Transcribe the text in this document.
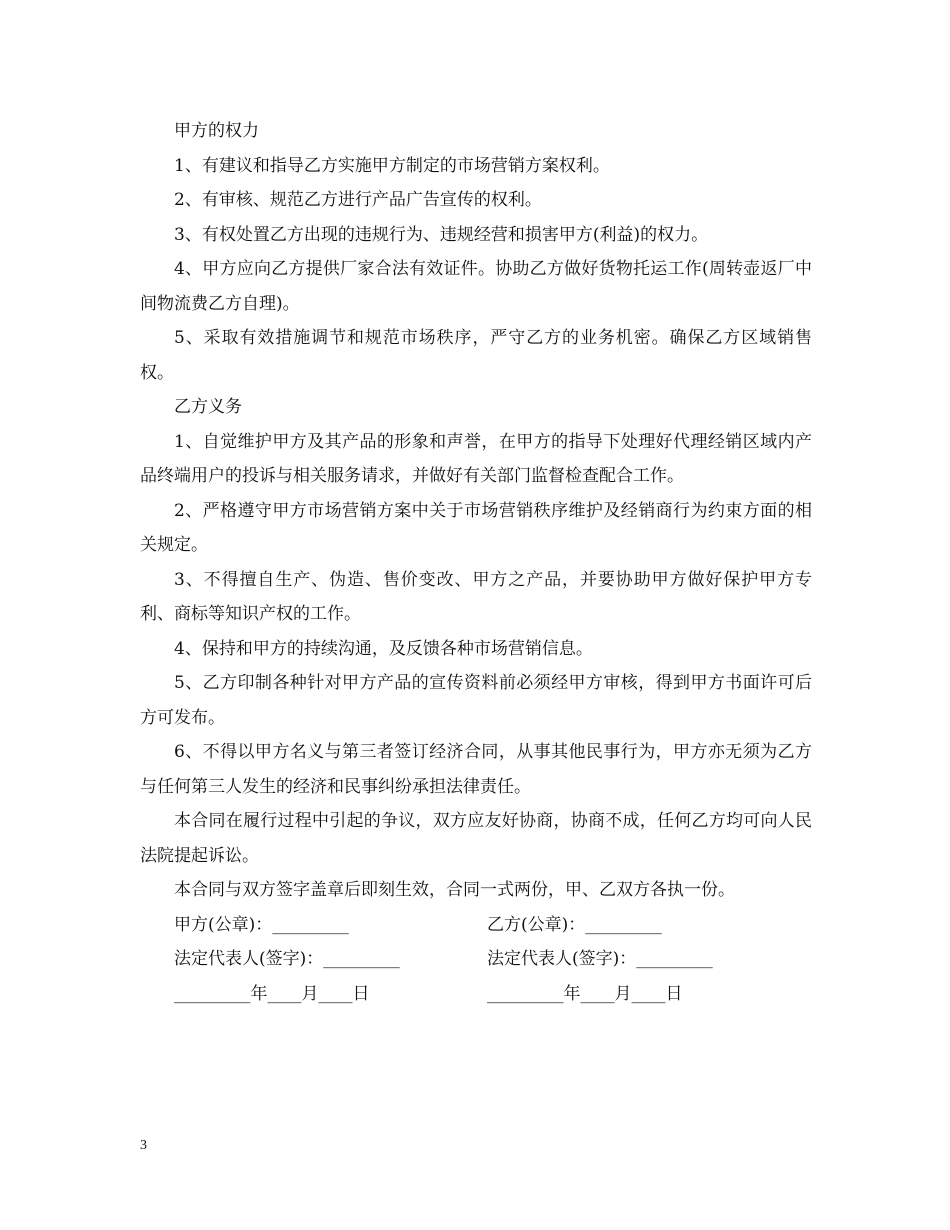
甲方的权力

1、有建议和指导乙方实施甲方制定的市场营销方案权利。

2、有审核、规范乙方进行产品广告宣传的权利。

3、有权处置乙方出现的违规行为、违规经营和损害甲方(利益)的权力。

4、甲方应向乙方提供厂家合法有效证件。协助乙方做好货物托运工作(周转壶返厂中间物流费乙方自理)。

5、采取有效措施调节和规范市场秩序，严守乙方的业务机密。确保乙方区域销售权。

乙方义务

1、自觉维护甲方及其产品的形象和声誉，在甲方的指导下处理好代理经销区域内产品终端用户的投诉与相关服务请求，并做好有关部门监督检查配合工作。

2、严格遵守甲方市场营销方案中关于市场营销秩序维护及经销商行为约束方面的相关规定。

3、不得擅自生产、伪造、售价变改、甲方之产品，并要协助甲方做好保护甲方专利、商标等知识产权的工作。

4、保持和甲方的持续沟通，及反馈各种市场营销信息。

5、乙方印制各种针对甲方产品的宣传资料前必须经甲方审核，得到甲方书面许可后方可发布。

6、不得以甲方名义与第三者签订经济合同，从事其他民事行为，甲方亦无须为乙方与任何第三人发生的经济和民事纠纷承担法律责任。

本合同在履行过程中引起的争议，双方应友好协商，协商不成，任何乙方均可向人民法院提起诉讼。

本合同与双方签字盖章后即刻生效，合同一式两份，甲、乙双方各执一份。

甲方(公章)：_________	乙方(公章)：_________
法定代表人(签字)：_________	法定代表人(签字)：_________
_________年____月____日	_________年____月____日
3
